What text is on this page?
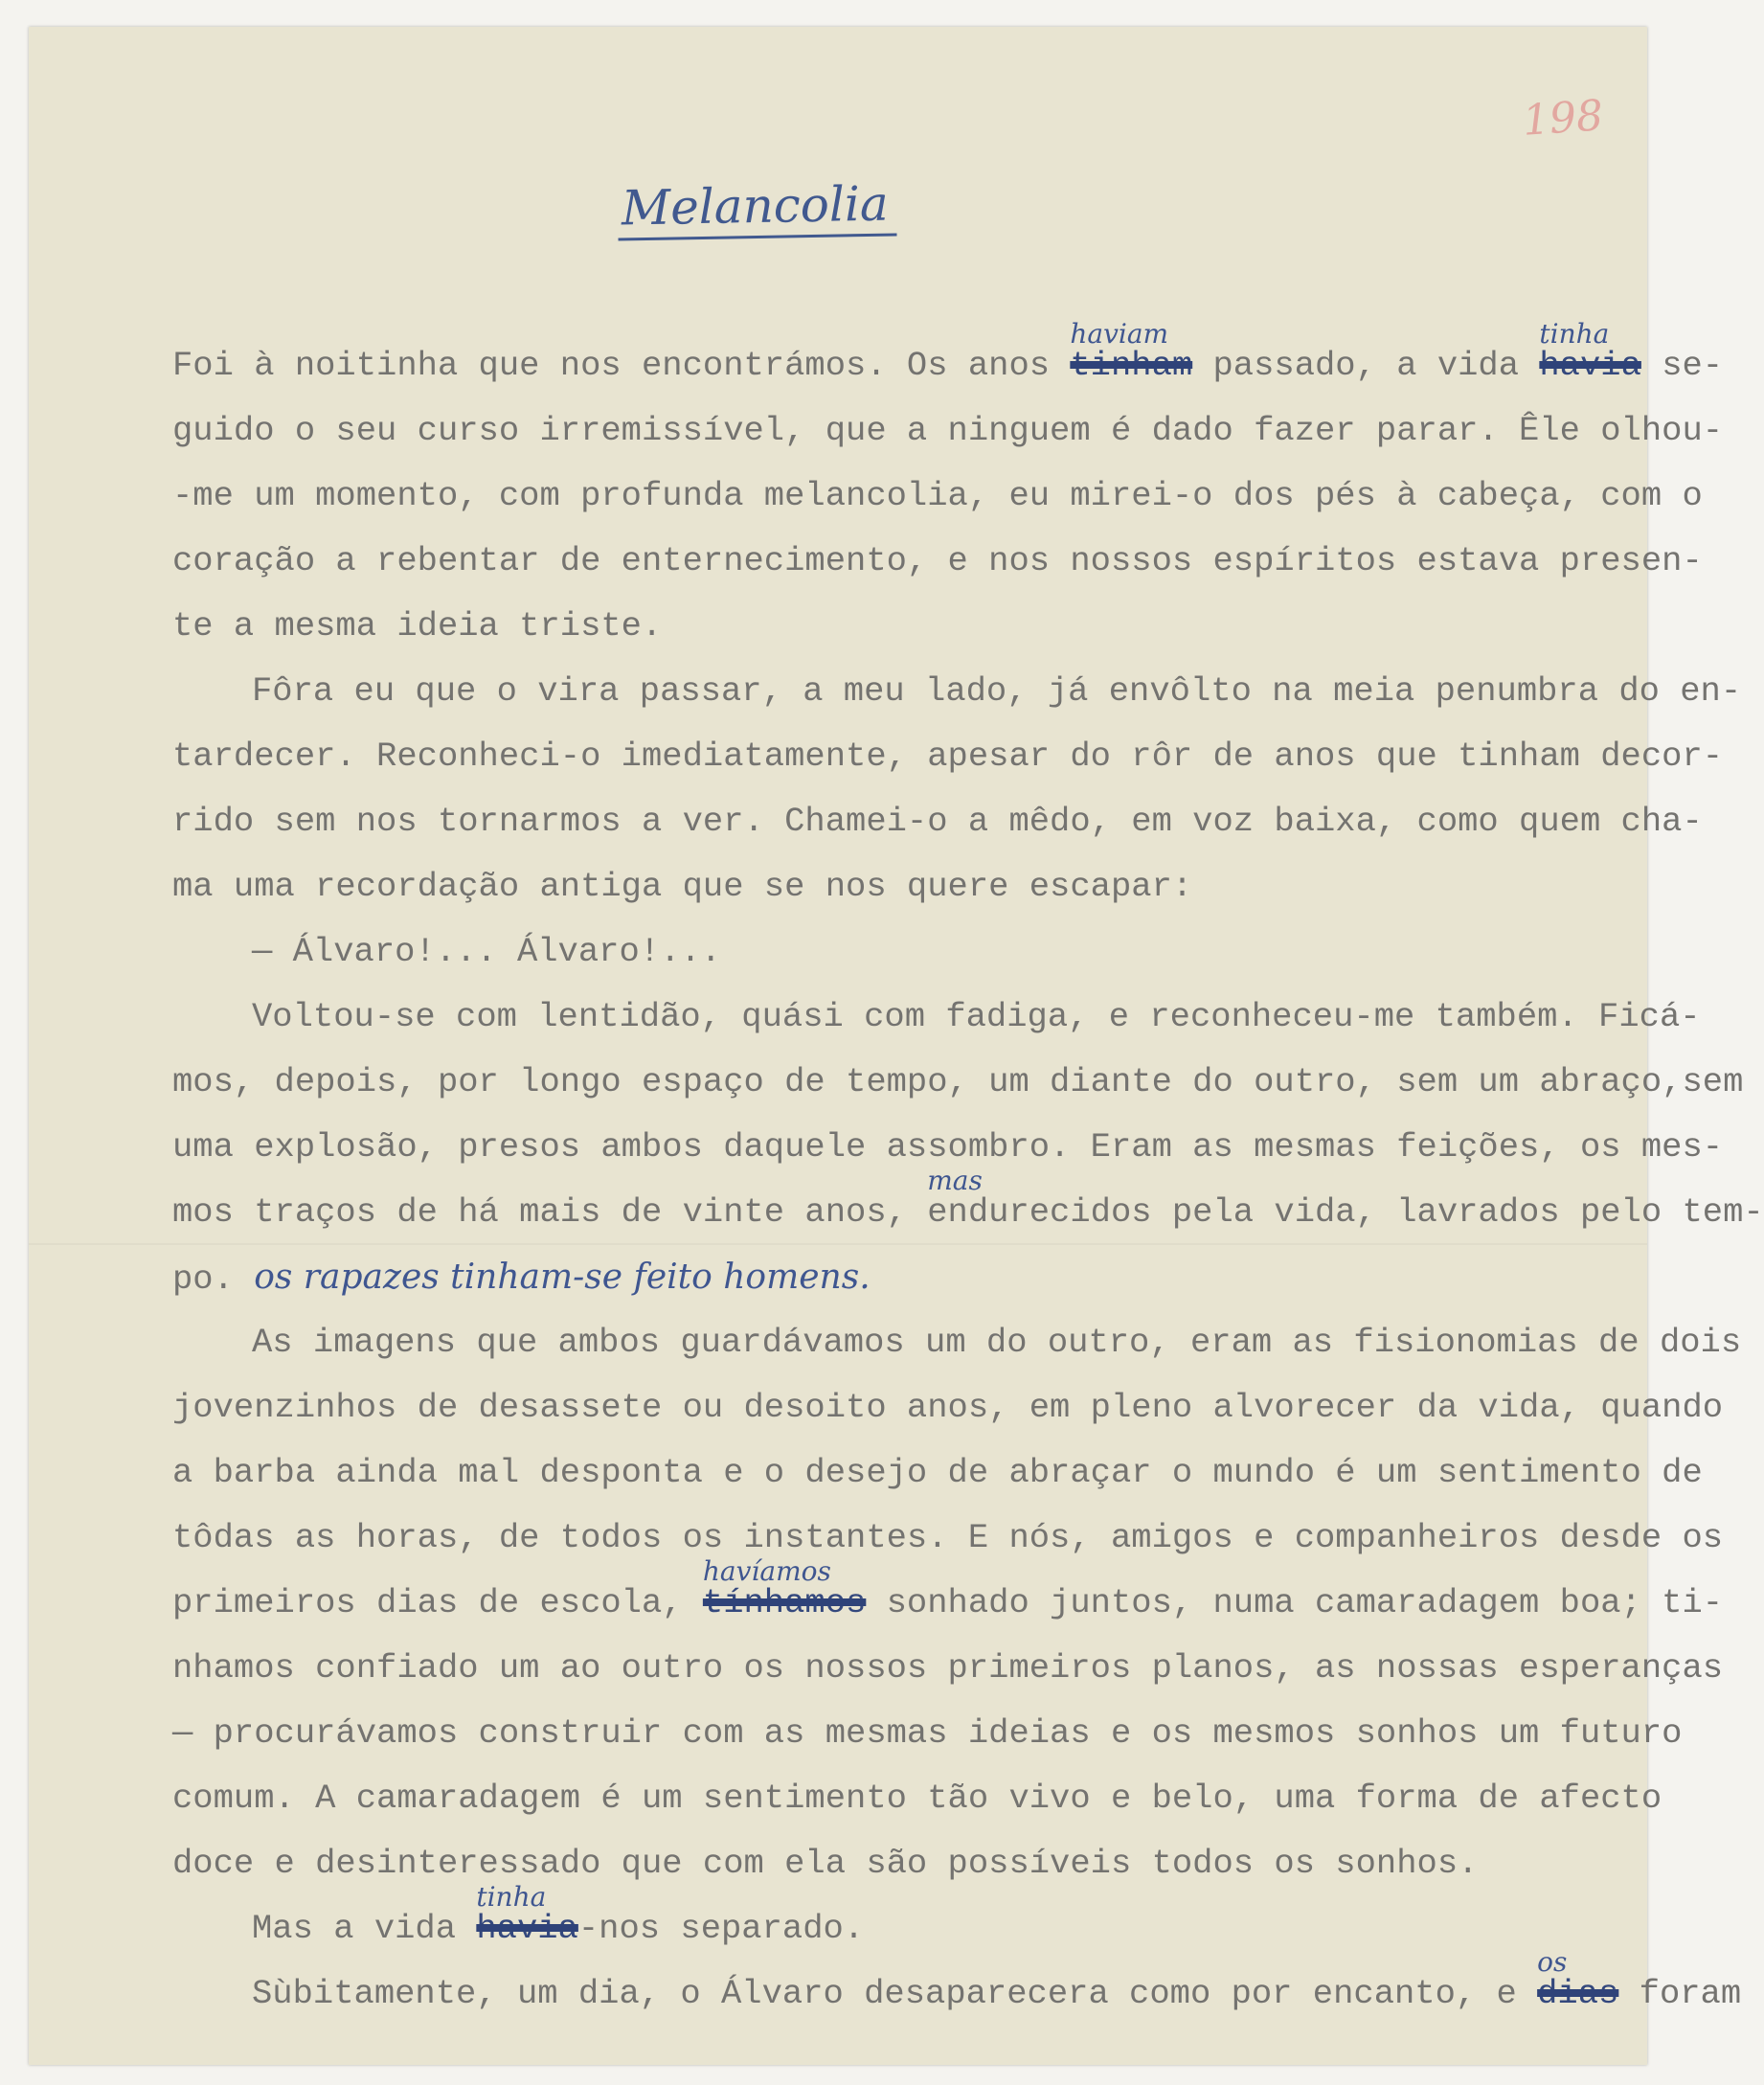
198
Melancolia
Foi à noitinha que nos encontrámos. Os anos tinham
haviam
passado, a vida havia
tinha
se-
guido o seu curso irremissível, que a ninguem é dado fazer parar. Êle olhou-
-me um momento, com profunda melancolia, eu mirei-o dos pés à cabeça, com o
coração a rebentar de enternecimento, e nos nossos espíritos estava presen-
te a mesma ideia triste.
Fôra eu que o vira passar, a meu lado, já envôlto na meia penumbra do en-
tardecer. Reconheci-o imediatamente, apesar do rôr de anos que tinham decor-
rido sem nos tornarmos a ver. Chamei-o a mêdo, em voz baixa, como quem cha-
ma uma recordação antiga que se nos quere escapar:
— Álvaro!... Álvaro!...
Voltou-se com lentidão, quási com fadiga, e reconheceu-me também. Ficá-
mos, depois, por longo espaço de tempo, um diante do outro, sem um abraço,sem
uma explosão, presos ambos daquele assombro. Eram as mesmas feições, os mes-
mos traços de há mais de vinte anos,
mas
endurecidos pela vida, lavrados pelo tem-
po. os rapazes tinham-se feito homens.
As imagens que ambos guardávamos um do outro, eram as fisionomias de dois
jovenzinhos de desassete ou desoito anos, em pleno alvorecer da vida, quando
a barba ainda mal desponta e o desejo de abraçar o mundo é um sentimento de
tôdas as horas, de todos os instantes. E nós, amigos e companheiros desde os
primeiros dias de escola, tínhamos
havíamos
sonhado juntos, numa camaradagem boa; ti-
nhamos confiado um ao outro os nossos primeiros planos, as nossas esperanças
— procurávamos construir com as mesmas ideias e os mesmos sonhos um futuro
comum. A camaradagem é um sentimento tão vivo e belo, uma forma de afecto
doce e desinteressado que com ela são possíveis todos os sonhos.
Mas a vida havia
tinha
-nos separado.
Sùbitamente, um dia, o Álvaro desaparecera como por encanto, e dias
os
foram
